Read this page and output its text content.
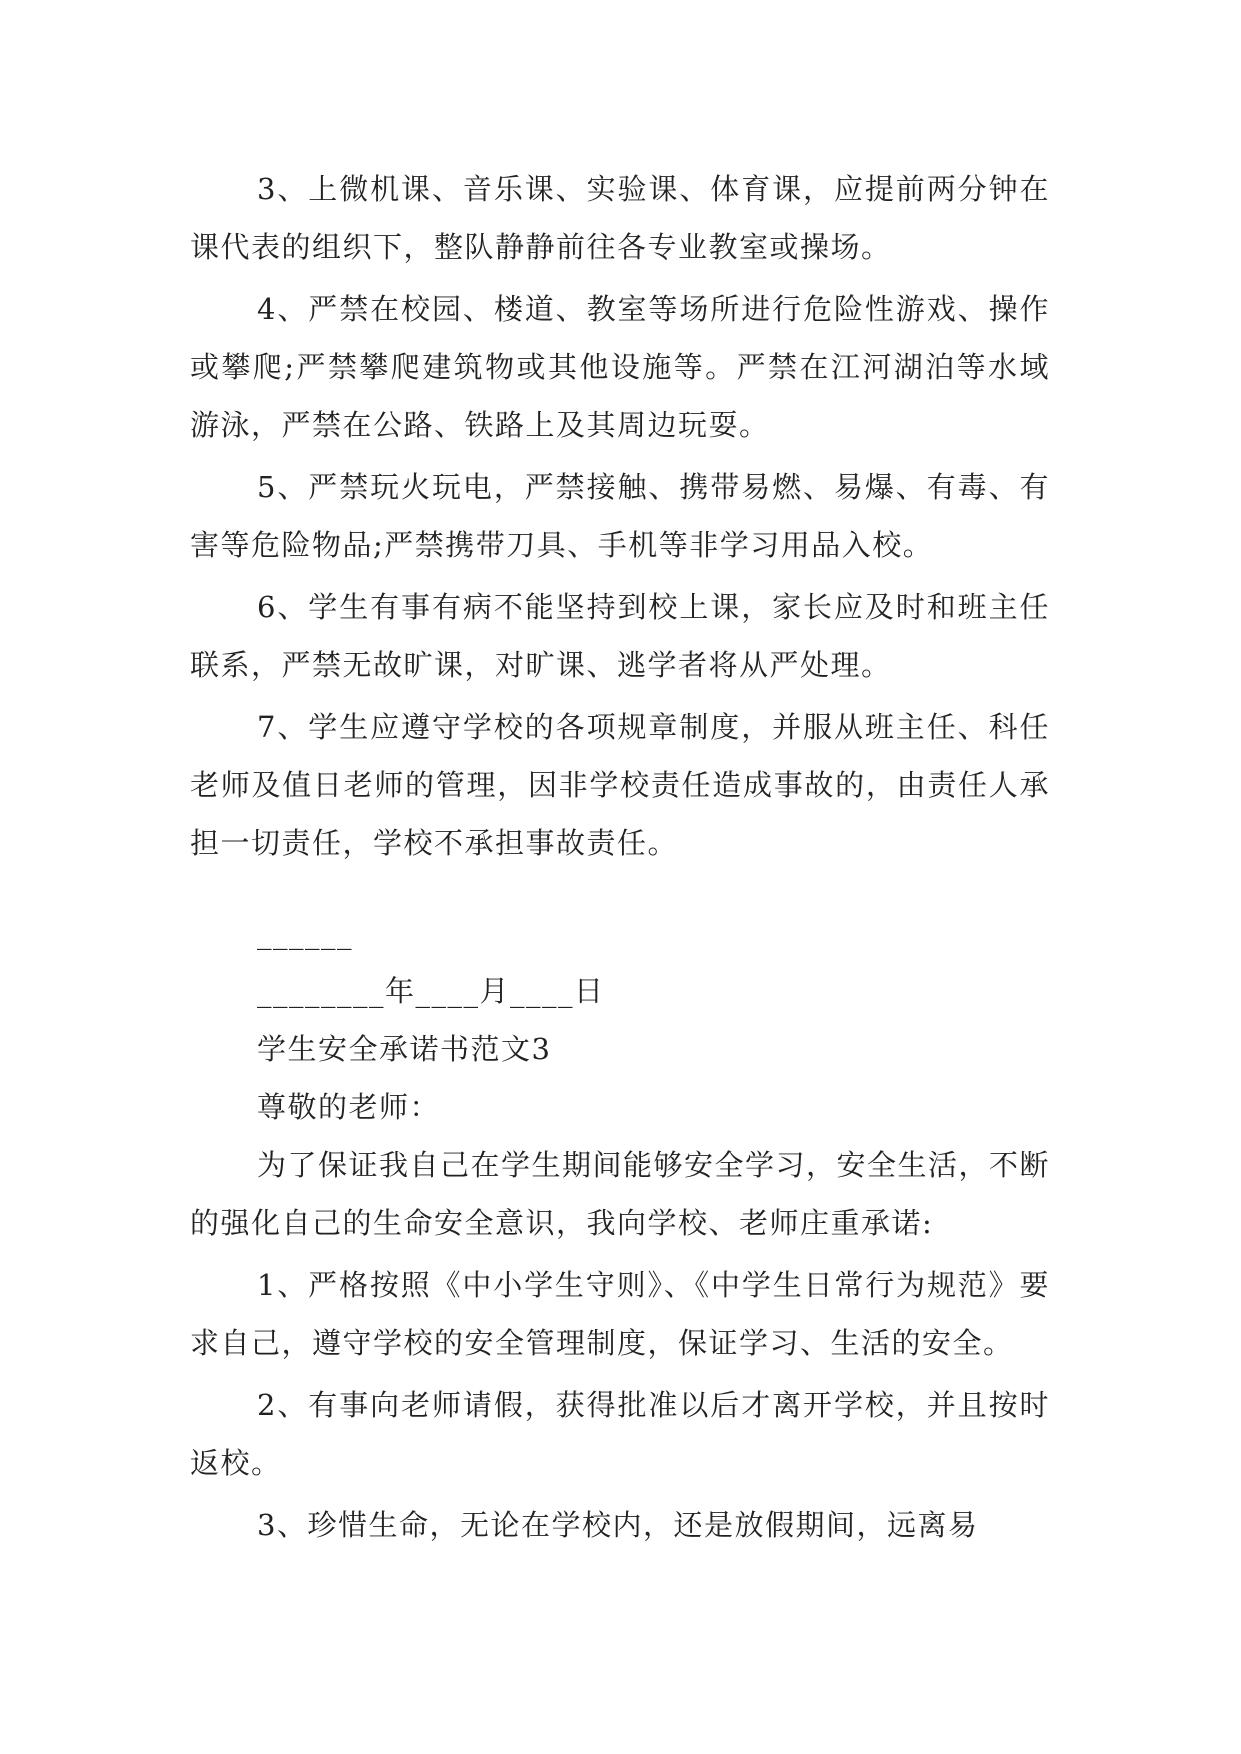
3、上微机课、音乐课、实验课、体育课，应提前两分钟在课代表的组织下，整队静静前往各专业教室或操场。

4、严禁在校园、楼道、教室等场所进行危险性游戏、操作或攀爬;严禁攀爬建筑物或其他设施等。严禁在江河湖泊等水域游泳，严禁在公路、铁路上及其周边玩耍。

5、严禁玩火玩电，严禁接触、携带易燃、易爆、有毒、有害等危险物品;严禁携带刀具、手机等非学习用品入校。

6、学生有事有病不能坚持到校上课，家长应及时和班主任联系，严禁无故旷课，对旷课、逃学者将从严处理。

7、学生应遵守学校的各项规章制度，并服从班主任、科任老师及值日老师的管理，因非学校责任造成事故的，由责任人承担一切责任，学校不承担事故责任。

______
________年____月____日
学生安全承诺书范文3
尊敬的老师：

为了保证我自己在学生期间能够安全学习，安全生活，不断的强化自己的生命安全意识，我向学校、老师庄重承诺:

1、严格按照《中小学生守则》、《中学生日常行为规范》要求自己，遵守学校的安全管理制度，保证学习、生活的安全。

2、有事向老师请假，获得批准以后才离开学校，并且按时返校。

3、珍惜生命，无论在学校内，还是放假期间，远离易
